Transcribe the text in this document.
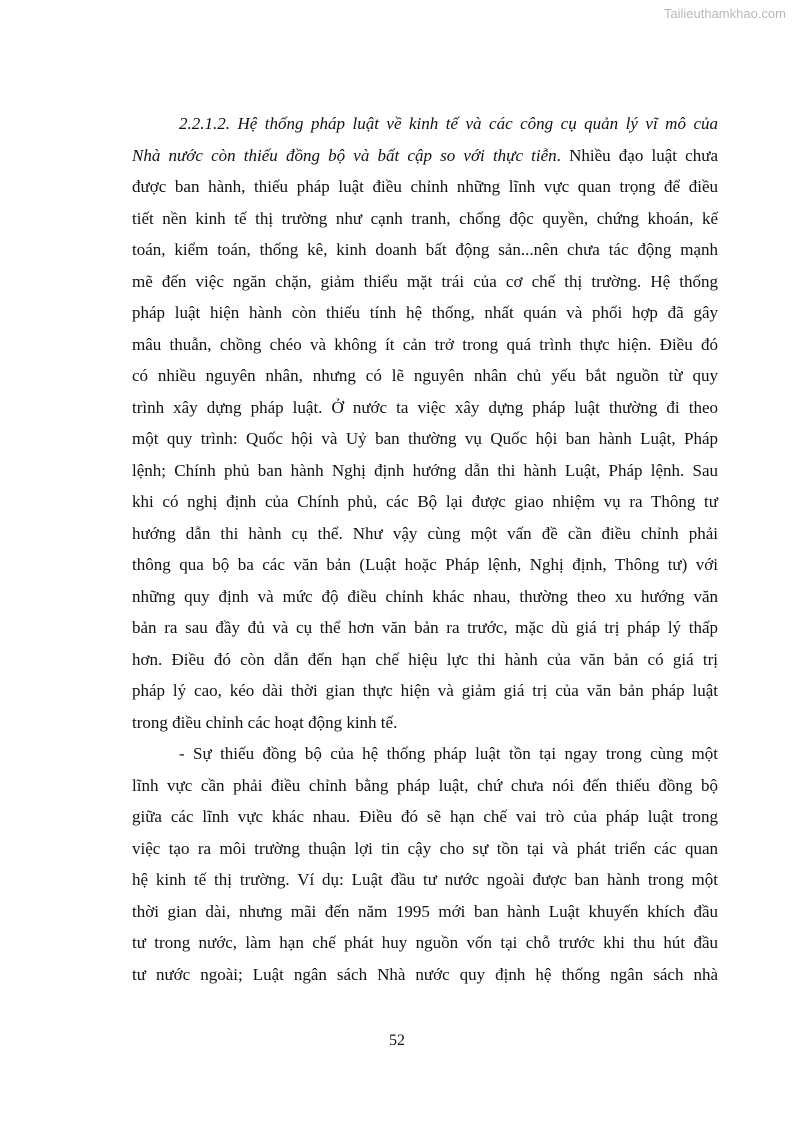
Tailieuthamkhao.com
2.2.1.2. Hệ thống pháp luật về kinh tế và các công cụ quản lý vĩ mô của
Nhà nước còn thiếu đồng bộ và bất cập so với thực tiễn. Nhiều đạo luật chưa
được ban hành, thiếu pháp luật điều chỉnh những lĩnh vực quan trọng để điều
tiết nền kinh tế thị trường như cạnh tranh, chống độc quyền, chứng khoán, kế
toán, kiểm toán, thống kê, kinh doanh bất động sản...nên chưa tác động mạnh
mẽ đến việc ngăn chặn, giảm thiểu mặt trái của cơ chế thị trường. Hệ thống
pháp luật hiện hành còn thiếu tính hệ thống, nhất quán và phối hợp đã gây
mâu thuẫn, chồng chéo và không ít cản trở trong quá trình thực hiện. Điều đó
có nhiều nguyên nhân, nhưng có lẽ nguyên nhân chủ yếu bắt nguồn từ quy
trình xây dựng pháp luật. Ở nước ta việc xây dựng pháp luật thường đi theo
một quy trình: Quốc hội và Uỷ ban thường vụ Quốc hội ban hành Luật, Pháp
lệnh; Chính phủ ban hành Nghị định hướng dẫn thi hành Luật, Pháp lệnh. Sau
khi có nghị định của Chính phủ, các Bộ lại được giao nhiệm vụ ra Thông tư
hướng dẫn thi hành cụ thể. Như vậy cùng một vấn đề cần điều chỉnh phải
thông qua bộ ba các văn bản (Luật hoặc Pháp lệnh, Nghị định, Thông tư) với
những quy định và mức độ điều chỉnh khác nhau, thường theo xu hướng văn
bản ra sau đầy đủ và cụ thể hơn văn bản ra trước, mặc dù giá trị pháp lý thấp
hơn. Điều đó còn dẫn đến hạn chế hiệu lực thi hành của văn bản có giá trị
pháp lý cao, kéo dài thời gian thực hiện và giảm giá trị của văn bản pháp luật
trong điều chỉnh các hoạt động kinh tế.
- Sự thiếu đồng bộ của hệ thống pháp luật tồn tại ngay trong cùng một
lĩnh vực cần phải điều chỉnh bằng pháp luật, chứ chưa nói đến thiếu đồng bộ
giữa các lĩnh vực khác nhau. Điều đó sẽ hạn chế vai trò của pháp luật trong
việc tạo ra môi trường thuận lợi tin cậy cho sự tồn tại và phát triển các quan
hệ kinh tế thị trường. Ví dụ: Luật đầu tư nước ngoài được ban hành trong một
thời gian dài, nhưng mãi đến năm 1995 mới ban hành Luật khuyến khích đầu
tư trong nước, làm hạn chế phát huy nguồn vốn tại chỗ trước khi thu hút đầu
tư nước ngoài; Luật ngân sách Nhà nước quy định hệ thống ngân sách nhà
52
